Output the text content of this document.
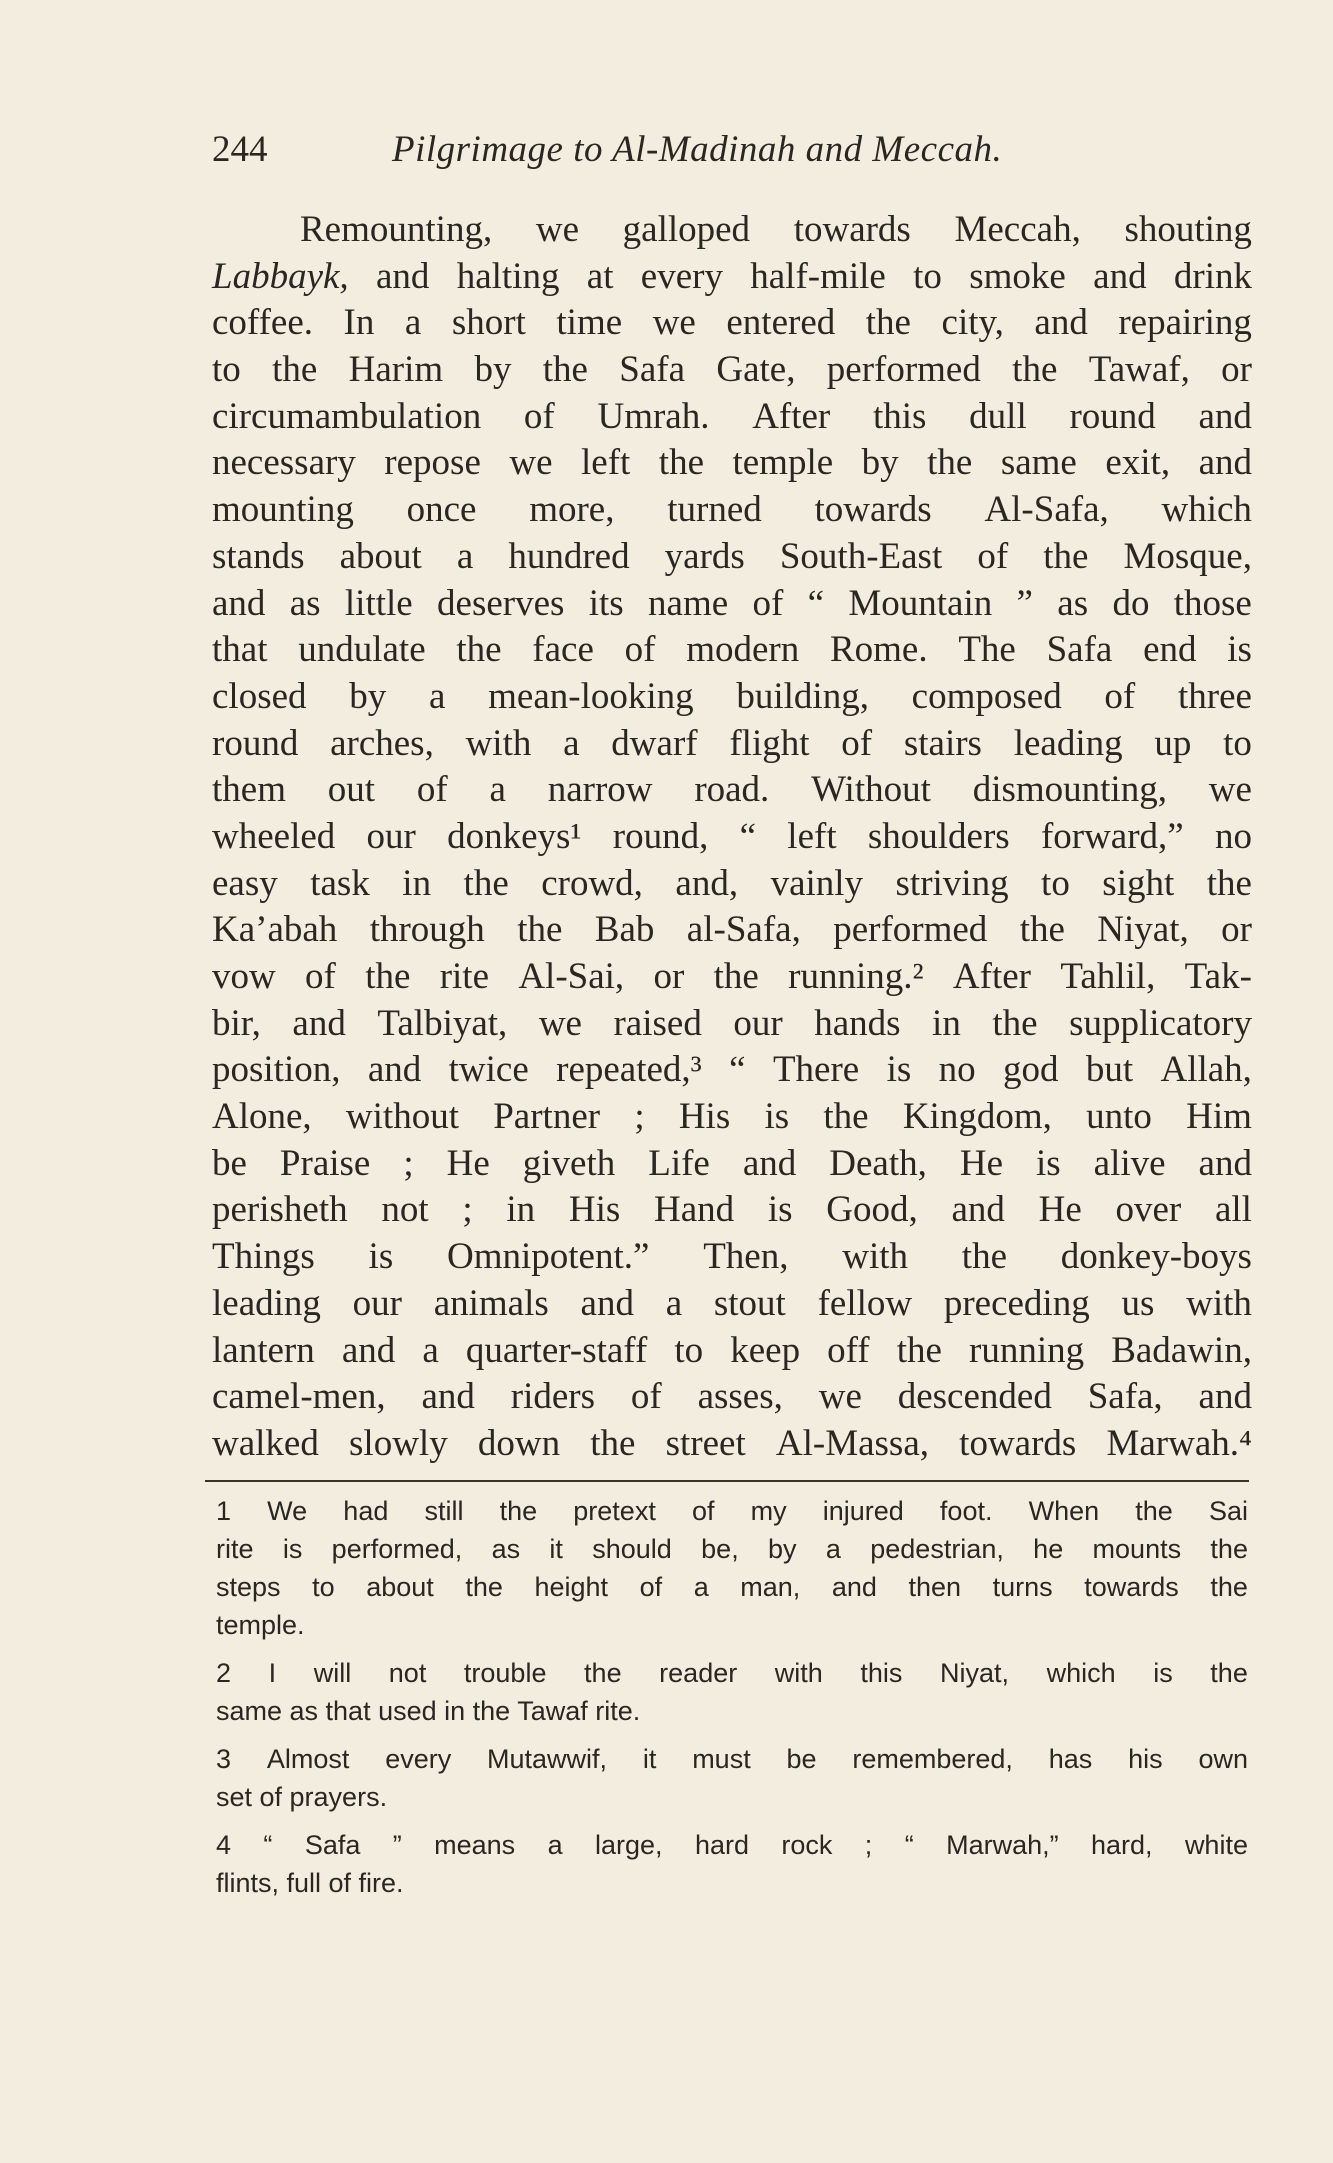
244	Pilgrimage to Al-Madinah and Meccah.
Remounting, we galloped towards Meccah, shouting
Labbayk, and halting at every half-mile to smoke and drink
coffee. In a short time we entered the city, and repairing
to the Harim by the Safa Gate, performed the Tawaf, or
circumambulation of Umrah. After this dull round and
necessary repose we left the temple by the same exit, and
mounting once more, turned towards Al-Safa, which
stands about a hundred yards South-East of the Mosque,
and as little deserves its name of “ Mountain ” as do those
that undulate the face of modern Rome. The Safa end is
closed by a mean-looking building, composed of three
round arches, with a dwarf flight of stairs leading up to
them out of a narrow road. Without dismounting, we
wheeled our donkeys¹ round, “ left shoulders forward,” no
easy task in the crowd, and, vainly striving to sight the
Ka’abah through the Bab al-Safa, performed the Niyat, or
vow of the rite Al-Sai, or the running.² After Tahlil, Tak-
bir, and Talbiyat, we raised our hands in the supplicatory
position, and twice repeated,³ “ There is no god but Allah,
Alone, without Partner ; His is the Kingdom, unto Him
be Praise ; He giveth Life and Death, He is alive and
perisheth not ; in His Hand is Good, and He over all
Things is Omnipotent.” Then, with the donkey-boys
leading our animals and a stout fellow preceding us with
lantern and a quarter-staff to keep off the running Badawin,
camel-men, and riders of asses, we descended Safa, and
walked slowly down the street Al-Massa, towards Marwah.⁴
1 We had still the pretext of my injured foot. When the Sai
rite is performed, as it should be, by a pedestrian, he mounts the
steps to about the height of a man, and then turns towards the
temple.
2 I will not trouble the reader with this Niyat, which is the
same as that used in the Tawaf rite.
3 Almost every Mutawwif, it must be remembered, has his own
set of prayers.
4 “ Safa ” means a large, hard rock ; “ Marwah,” hard, white
flints, full of fire.
